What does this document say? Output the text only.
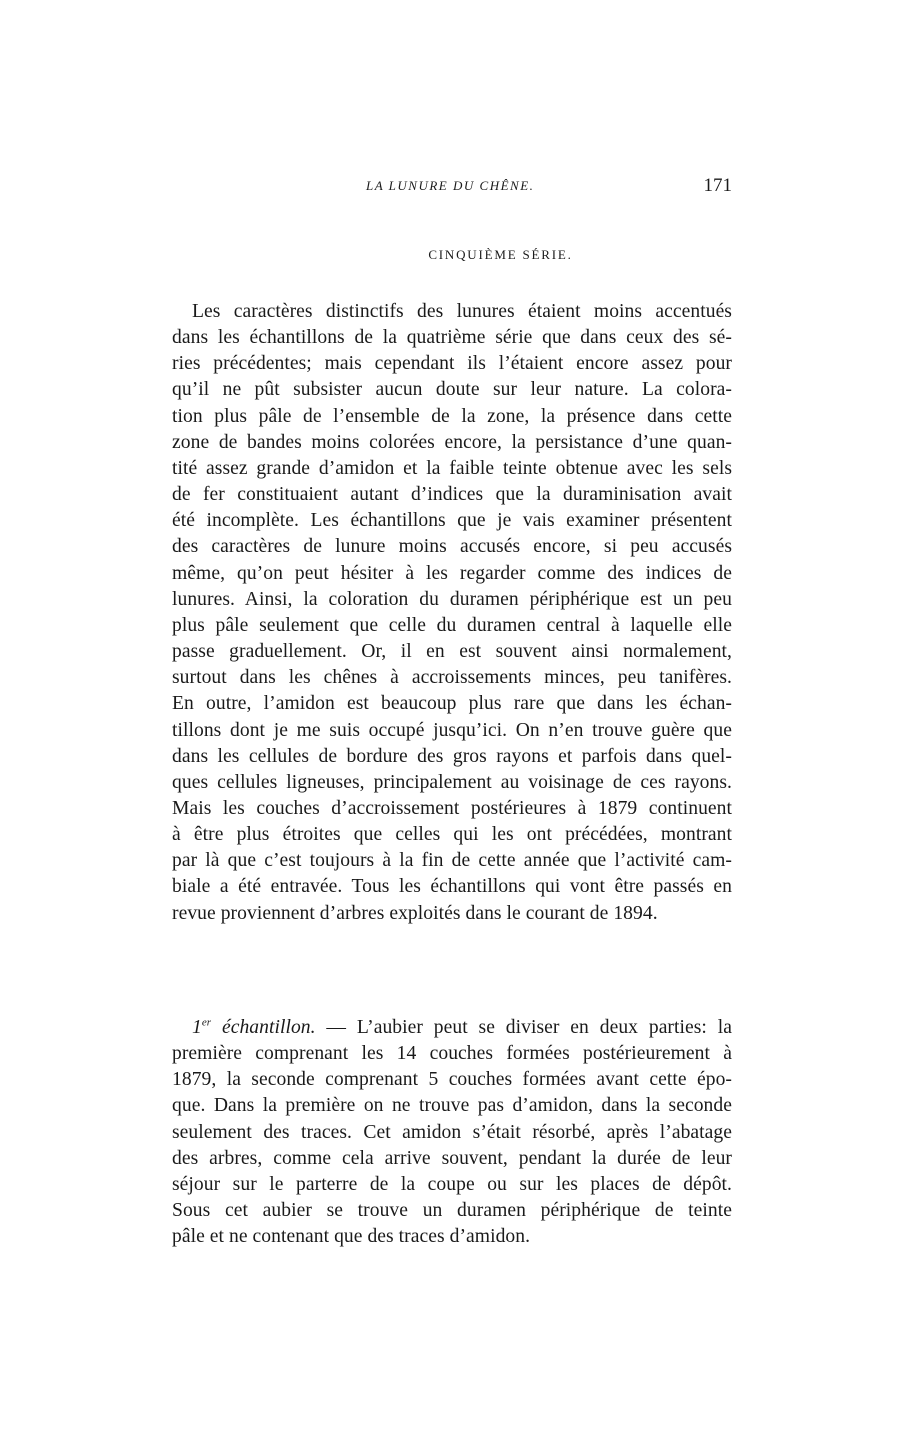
LA LUNURE DU CHÊNE.	171
CINQUIÈME SÉRIE.
Les caractères distinctifs des lunures étaient moins accentués
dans les échantillons de la quatrième série que dans ceux des sé-
ries précédentes; mais cependant ils l’étaient encore assez pour
qu’il ne pût subsister aucun doute sur leur nature. La colora-
tion plus pâle de l’ensemble de la zone, la présence dans cette
zone de bandes moins colorées encore, la persistance d’une quan-
tité assez grande d’amidon et la faible teinte obtenue avec les sels
de fer constituaient autant d’indices que la duraminisation avait
été incomplète. Les échantillons que je vais examiner présentent
des caractères de lunure moins accusés encore, si peu accusés
même, qu’on peut hésiter à les regarder comme des indices de
lunures. Ainsi, la coloration du duramen périphérique est un peu
plus pâle seulement que celle du duramen central à laquelle elle
passe graduellement. Or, il en est souvent ainsi normalement,
surtout dans les chênes à accroissements minces, peu tanifères.
En outre, l’amidon est beaucoup plus rare que dans les échan-
tillons dont je me suis occupé jusqu’ici. On n’en trouve guère que
dans les cellules de bordure des gros rayons et parfois dans quel-
ques cellules ligneuses, principalement au voisinage de ces rayons.
Mais les couches d’accroissement postérieures à 1879 continuent
à être plus étroites que celles qui les ont précédées, montrant
par là que c’est toujours à la fin de cette année que l’activité cam-
biale a été entravée. Tous les échantillons qui vont être passés en
revue proviennent d’arbres exploités dans le courant de 1894.
1er échantillon. — L’aubier peut se diviser en deux parties: la
première comprenant les 14 couches formées postérieurement à
1879, la seconde comprenant 5 couches formées avant cette épo-
que. Dans la première on ne trouve pas d’amidon, dans la seconde
seulement des traces. Cet amidon s’était résorbé, après l’abatage
des arbres, comme cela arrive souvent, pendant la durée de leur
séjour sur le parterre de la coupe ou sur les places de dépôt.
Sous cet aubier se trouve un duramen périphérique de teinte
pâle et ne contenant que des traces d’amidon.
